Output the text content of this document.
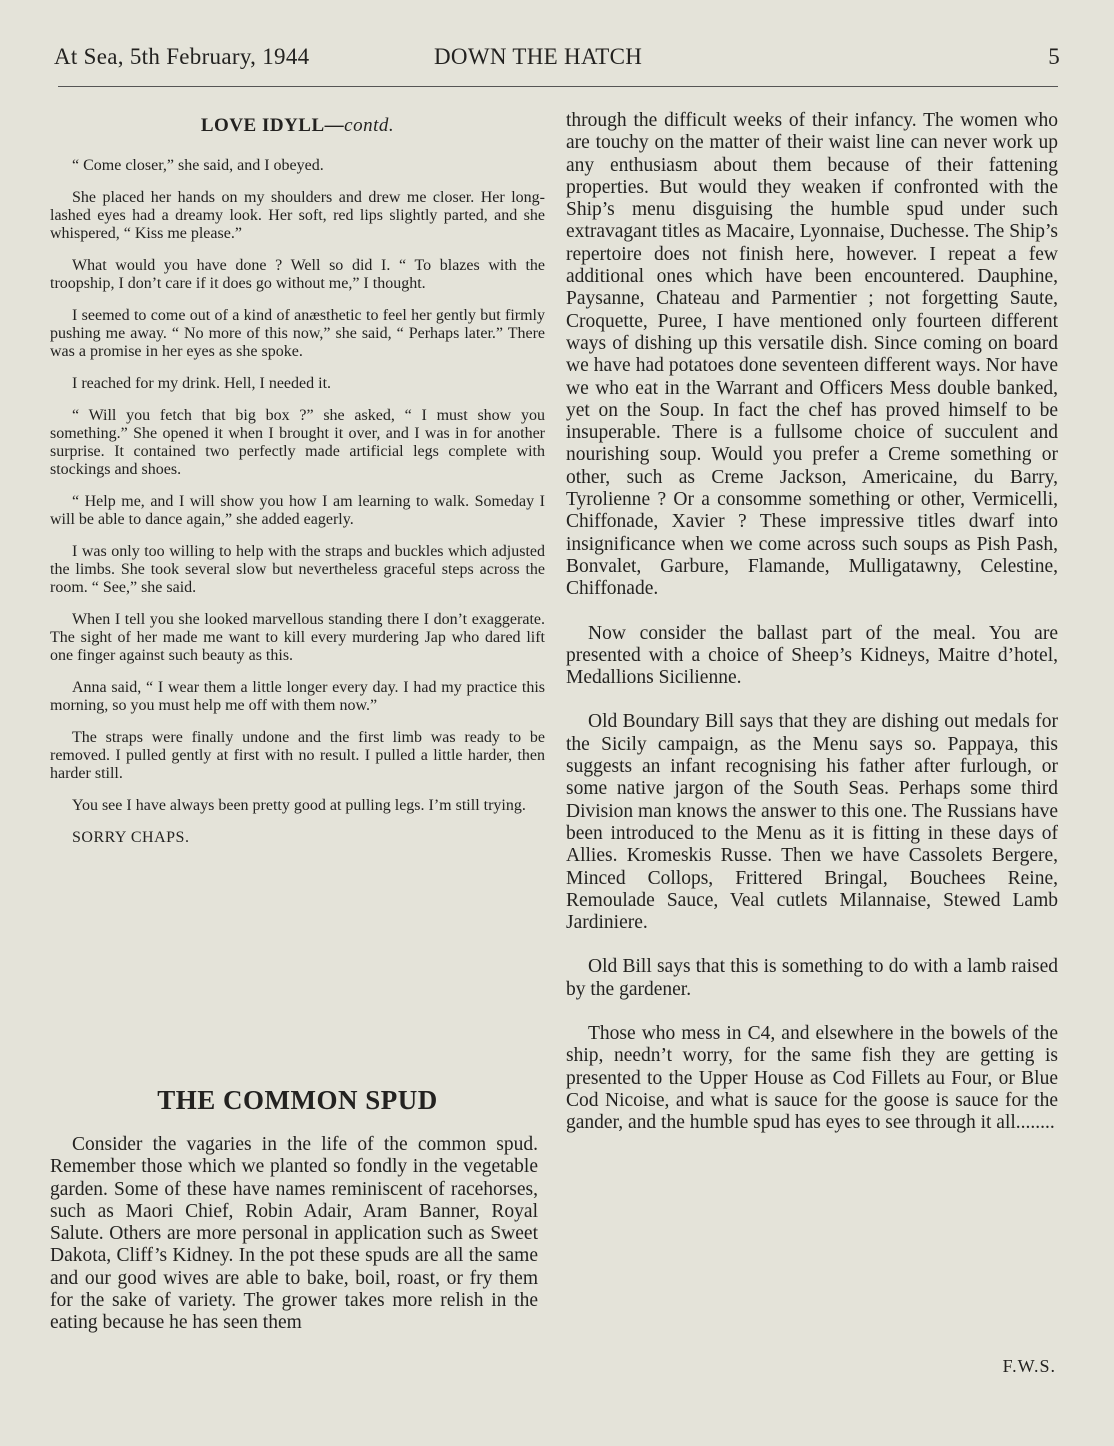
At Sea, 5th February, 1944	DOWN THE HATCH	5
LOVE IDYLL—contd.

“ Come closer,” she said, and I obeyed.

She placed her hands on my shoulders and drew me closer. Her long-lashed eyes had a dreamy look. Her soft, red lips slightly parted, and she whispered, “ Kiss me please.”

What would you have done ? Well so did I. “ To blazes with the troopship, I don’t care if it does go without me,” I thought.

I seemed to come out of a kind of anæsthetic to feel her gently but firmly pushing me away. “ No more of this now,” she said, “ Perhaps later.” There was a promise in her eyes as she spoke.

I reached for my drink. Hell, I needed it.

“ Will you fetch that big box ?” she asked, “ I must show you something.” She opened it when I brought it over, and I was in for another surprise. It contained two perfectly made artificial legs complete with stockings and shoes.

“ Help me, and I will show you how I am learning to walk. Someday I will be able to dance again,” she added eagerly.

I was only too willing to help with the straps and buckles which adjusted the limbs. She took several slow but nevertheless graceful steps across the room. “ See,” she said.

When I tell you she looked marvellous standing there I don’t exaggerate. The sight of her made me want to kill every murdering Jap who dared lift one finger against such beauty as this.

Anna said, “ I wear them a little longer every day. I had my practice this morning, so you must help me off with them now.”

The straps were finally undone and the first limb was ready to be removed. I pulled gently at first with no result. I pulled a little harder, then harder still.

You see I have always been pretty good at pulling legs. I’m still trying.

SORRY CHAPS.

THE COMMON SPUD

Consider the vagaries in the life of the common spud. Remember those which we planted so fondly in the vegetable garden. Some of these have names reminiscent of racehorses, such as Maori Chief, Robin Adair, Aram Banner, Royal Salute. Others are more personal in application such as Sweet Dakota, Cliff’s Kidney. In the pot these spuds are all the same and our good wives are able to bake, boil, roast, or fry them for the sake of variety. The grower takes more relish in the eating because he has seen them

through the difficult weeks of their infancy. The women who are touchy on the matter of their waist line can never work up any enthusiasm about them because of their fattening properties. But would they weaken if confronted with the Ship’s menu disguising the humble spud under such extravagant titles as Macaire, Lyonnaise, Duchesse. The Ship’s repertoire does not finish here, however. I repeat a few additional ones which have been encountered. Dauphine, Paysanne, Chateau and Parmentier ; not forgetting Saute, Croquette, Puree, I have mentioned only fourteen different ways of dishing up this versatile dish. Since coming on board we have had potatoes done seventeen different ways. Nor have we who eat in the Warrant and Officers Mess double banked, yet on the Soup. In fact the chef has proved himself to be insuperable. There is a fullsome choice of succulent and nourishing soup. Would you prefer a Creme something or other, such as Creme Jackson, Americaine, du Barry, Tyrolienne ? Or a consomme something or other, Vermicelli, Chiffonade, Xavier ? These impressive titles dwarf into insignificance when we come across such soups as Pish Pash, Bonvalet, Garbure, Flamande, Mulligatawny, Celestine, Chiffonade.

Now consider the ballast part of the meal. You are presented with a choice of Sheep’s Kidneys, Maitre d’hotel, Medallions Sicilienne.

Old Boundary Bill says that they are dishing out medals for the Sicily campaign, as the Menu says so. Pappaya, this suggests an infant recognising his father after furlough, or some native jargon of the South Seas. Perhaps some third Division man knows the answer to this one. The Russians have been introduced to the Menu as it is fitting in these days of Allies. Kromeskis Russe. Then we have Cassolets Bergere, Minced Collops, Frittered Bringal, Bouchees Reine, Remoulade Sauce, Veal cutlets Milannaise, Stewed Lamb Jardiniere.

Old Bill says that this is something to do with a lamb raised by the gardener.

Those who mess in C4, and elsewhere in the bowels of the ship, needn’t worry, for the same fish they are getting is presented to the Upper House as Cod Fillets au Four, or Blue Cod Nicoise, and what is sauce for the goose is sauce for the gander, and the humble spud has eyes to see through it all........

F.W.S.
